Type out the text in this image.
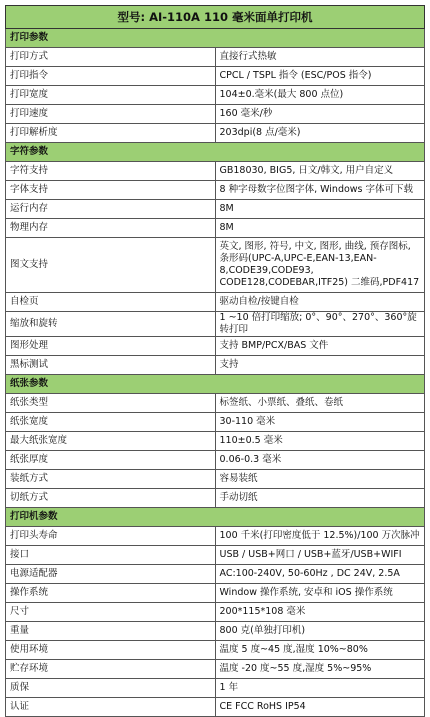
型号: AI-110A 110 毫米面单打印机	
打印参数	
打印方式	直接行式热敏
打印指令	CPCL / TSPL 指令 (ESC/POS 指令)
打印宽度	104±0.毫米(最大 800 点位)
打印速度	160 毫米/秒
打印解析度	203dpi(8 点/毫米)
字符参数	
字符支持	GB18030, BIG5, 日文/韩文, 用户自定义
字体支持	8 种字母数字位图字体, Windows 字体可下载
运行内存	8M
物理内存	8M
图文支持	英文, 图形, 符号, 中文, 图形, 曲线, 预存图标, 条形码(UPC-A,UPC-E,EAN-13,EAN-8,CODE39,CODE93, CODE128,CODEBAR,ITF25) 二维码,PDF417
自检页	驱动自检/按键自检
缩放和旋转	1 ~10 倍打印缩放; 0°、90°、270°、360°旋转打印
图形处理	支持 BMP/PCX/BAS 文件
黑标测试	支持
纸张参数	
纸张类型	标签纸、小票纸、叠纸、卷纸
纸张宽度	30-110 毫米
最大纸张宽度	110±0.5 毫米
纸张厚度	0.06-0.3 毫米
装纸方式	容易装纸
切纸方式	手动切纸
打印机参数	
打印头寿命	100 千米(打印密度低于 12.5%)/100 万次脉冲
接口	USB / USB+网口 / USB+蓝牙/USB+WIFI
电源适配器	AC:100-240V, 50-60Hz , DC 24V, 2.5A
操作系统	Window 操作系统, 安卓和 iOS 操作系统
尺寸	200*115*108 毫米
重量	800 克(单独打印机)
使用环境	温度 5 度~45 度,湿度 10%~80%
贮存环境	温度 -20 度~55 度,湿度 5%~95%
质保	1 年
认证	CE FCC RoHS IP54
